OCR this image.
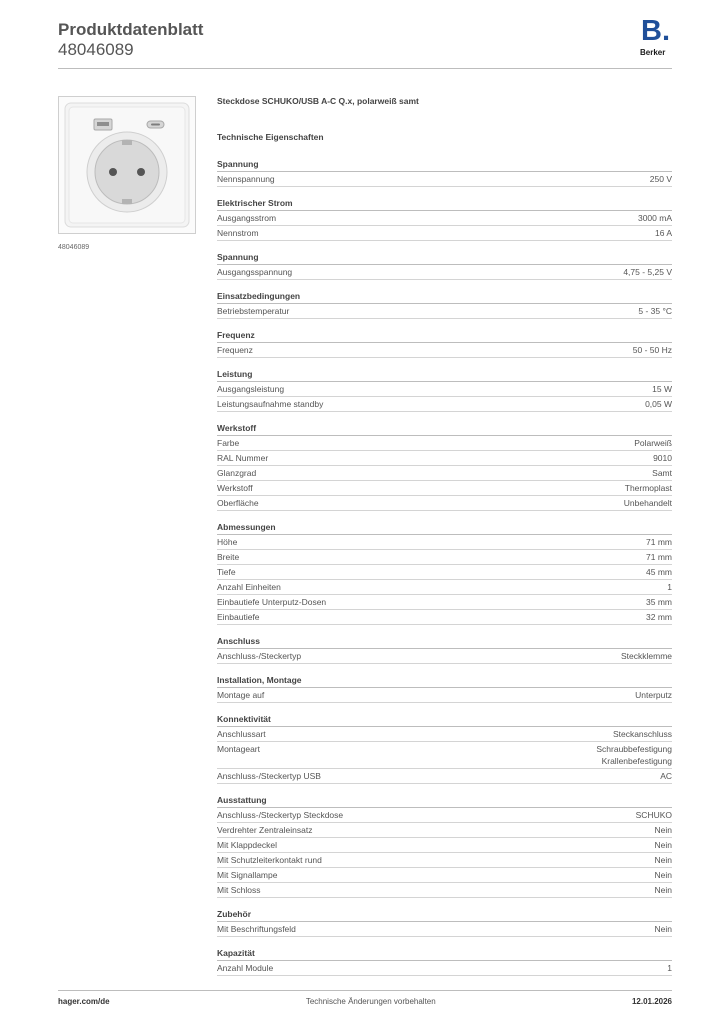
Produktdatenblatt
48046089
B.
Berker
48046089
Steckdose SCHUKO/USB A-C Q.x, polarweiß samt
Technische Eigenschaften
Spannung
Nennspannung	250 V
Elektrischer Strom
Ausgangsstrom	3000 mA
Nennstrom	16 A
Spannung
Ausgangsspannung	4,75 - 5,25 V
Einsatzbedingungen
Betriebstemperatur	5 - 35 °C
Frequenz
Frequenz	50 - 50 Hz
Leistung
Ausgangsleistung	15 W
Leistungsaufnahme standby	0,05 W
Werkstoff
Farbe	Polarweiß
RAL Nummer	9010
Glanzgrad	Samt
Werkstoff	Thermoplast
Oberfläche	Unbehandelt
Abmessungen
Höhe	71 mm
Breite	71 mm
Tiefe	45 mm
Anzahl Einheiten	1
Einbautiefe Unterputz-Dosen	35 mm
Einbautiefe	32 mm
Anschluss
Anschluss-/Steckertyp	Steckklemme
Installation, Montage
Montage auf	Unterputz
Konnektivität
Anschlussart	Steckanschluss
Montageart	Schraubbefestigung
Krallenbefestigung
Anschluss-/Steckertyp USB	AC
Ausstattung
Anschluss-/Steckertyp Steckdose	SCHUKO
Verdrehter Zentraleinsatz	Nein
Mit Klappdeckel	Nein
Mit Schutzleiterkontakt rund	Nein
Mit Signallampe	Nein
Mit Schloss	Nein
Zubehör
Mit Beschriftungsfeld	Nein
Kapazität
Anzahl Module	1
hager.com/de	Technische Änderungen vorbehalten	12.01.2026
